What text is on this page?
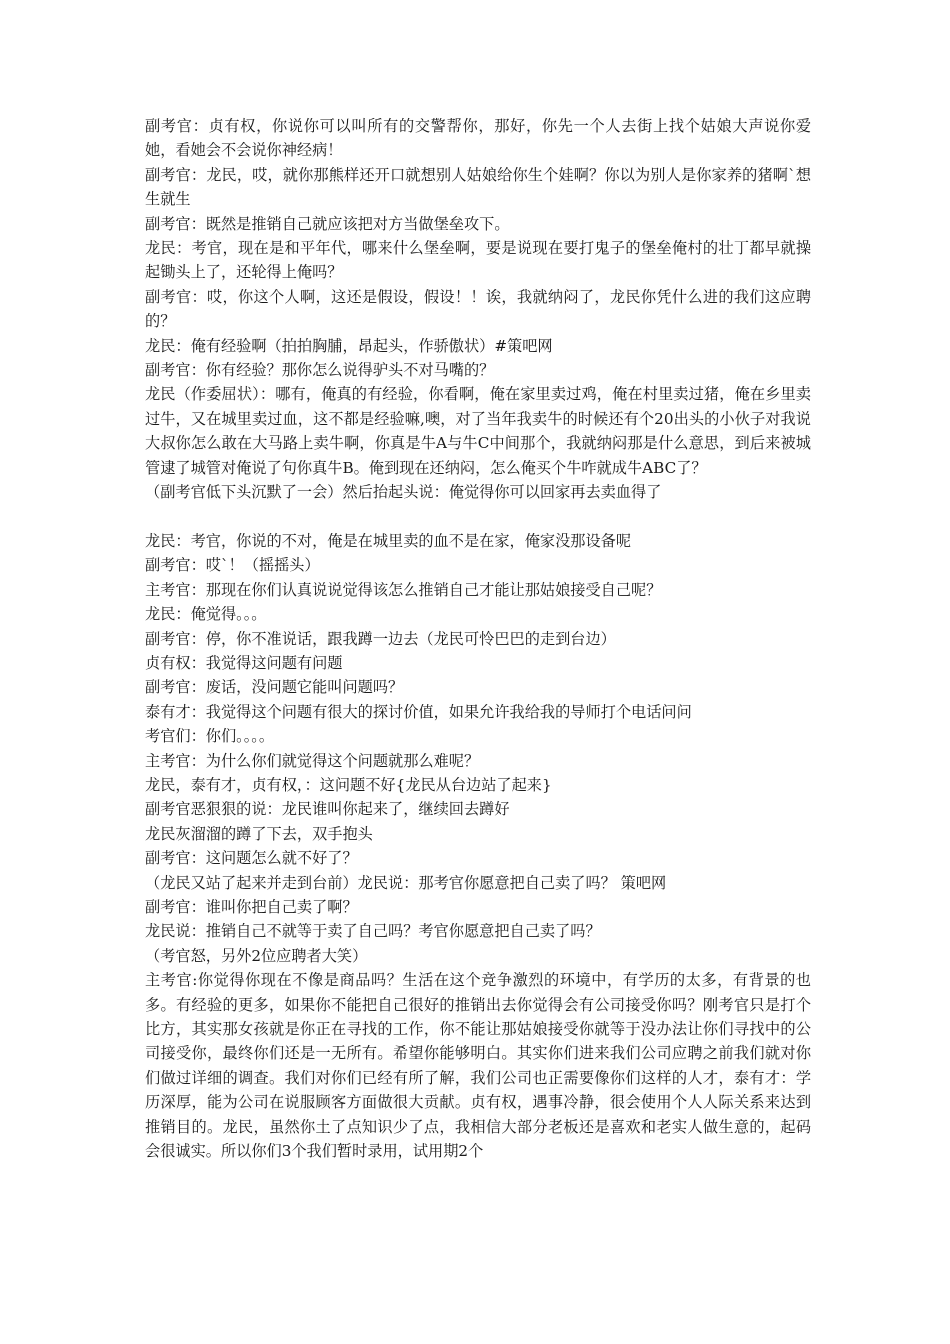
副考官：贞有权，你说你可以叫所有的交警帮你，那好，你先一个人去街上找个姑娘大声说你爱她，看她会不会说你神经病！

副考官：龙民，哎，就你那熊样还开口就想别人姑娘给你生个娃啊？你以为别人是你家养的猪啊`想生就生

副考官：既然是推销自己就应该把对方当做堡垒攻下。

龙民：考官，现在是和平年代，哪来什么堡垒啊，要是说现在要打鬼子的堡垒俺村的壮丁都早就操起锄头上了，还轮得上俺吗？

副考官：哎，你这个人啊，这还是假设，假设！！诶，我就纳闷了，龙民你凭什么进的我们这应聘的？

龙民：俺有经验啊（拍拍胸脯，昂起头，作骄傲状）#策吧网

副考官：你有经验？那你怎么说得驴头不对马嘴的？

龙民（作委屈状）：哪有，俺真的有经验，你看啊，俺在家里卖过鸡，俺在村里卖过猪，俺在乡里卖过牛，又在城里卖过血，这不都是经验嘛,噢，对了当年我卖牛的时候还有个20出头的小伙子对我说大叔你怎么敢在大马路上卖牛啊，你真是牛A与牛C中间那个，我就纳闷那是什么意思，到后来被城管逮了城管对俺说了句你真牛B。俺到现在还纳闷，怎么俺买个牛咋就成牛ABC了？

（副考官低下头沉默了一会）然后抬起头说：俺觉得你可以回家再去卖血得了

龙民：考官，你说的不对，俺是在城里卖的血不是在家，俺家没那设备呢

副考官：哎`！（摇摇头）

主考官：那现在你们认真说说觉得该怎么推销自己才能让那姑娘接受自己呢？

龙民：俺觉得。。。

副考官：停，你不准说话，跟我蹲一边去（龙民可怜巴巴的走到台边）

贞有权：我觉得这问题有问题

副考官：废话，没问题它能叫问题吗？

泰有才：我觉得这个问题有很大的探讨价值，如果允许我给我的导师打个电话问问

考官们：你们。。。。

主考官：为什么你们就觉得这个问题就那么难呢？

龙民，泰有才，贞有权，：这问题不好{龙民从台边站了起来}

副考官恶狠狠的说：龙民谁叫你起来了，继续回去蹲好

龙民灰溜溜的蹲了下去，双手抱头

副考官：这问题怎么就不好了？

（龙民又站了起来并走到台前）龙民说：那考官你愿意把自己卖了吗？ 策吧网

副考官：谁叫你把自己卖了啊？

龙民说：推销自己不就等于卖了自己吗？考官你愿意把自己卖了吗？

（考官怒，另外2位应聘者大笑）

主考官:你觉得你现在不像是商品吗？生活在这个竞争激烈的环境中，有学历的太多，有背景的也多。有经验的更多，如果你不能把自己很好的推销出去你觉得会有公司接受你吗？刚考官只是打个比方，其实那女孩就是你正在寻找的工作，你不能让那姑娘接受你就等于没办法让你们寻找中的公司接受你，最终你们还是一无所有。希望你能够明白。其实你们进来我们公司应聘之前我们就对你们做过详细的调查。我们对你们已经有所了解，我们公司也正需要像你们这样的人才，泰有才：学历深厚，能为公司在说服顾客方面做很大贡献。贞有权，遇事冷静，很会使用个人人际关系来达到推销目的。龙民，虽然你土了点知识少了点，我相信大部分老板还是喜欢和老实人做生意的，起码会很诚实。所以你们3个我们暂时录用，试用期2个
